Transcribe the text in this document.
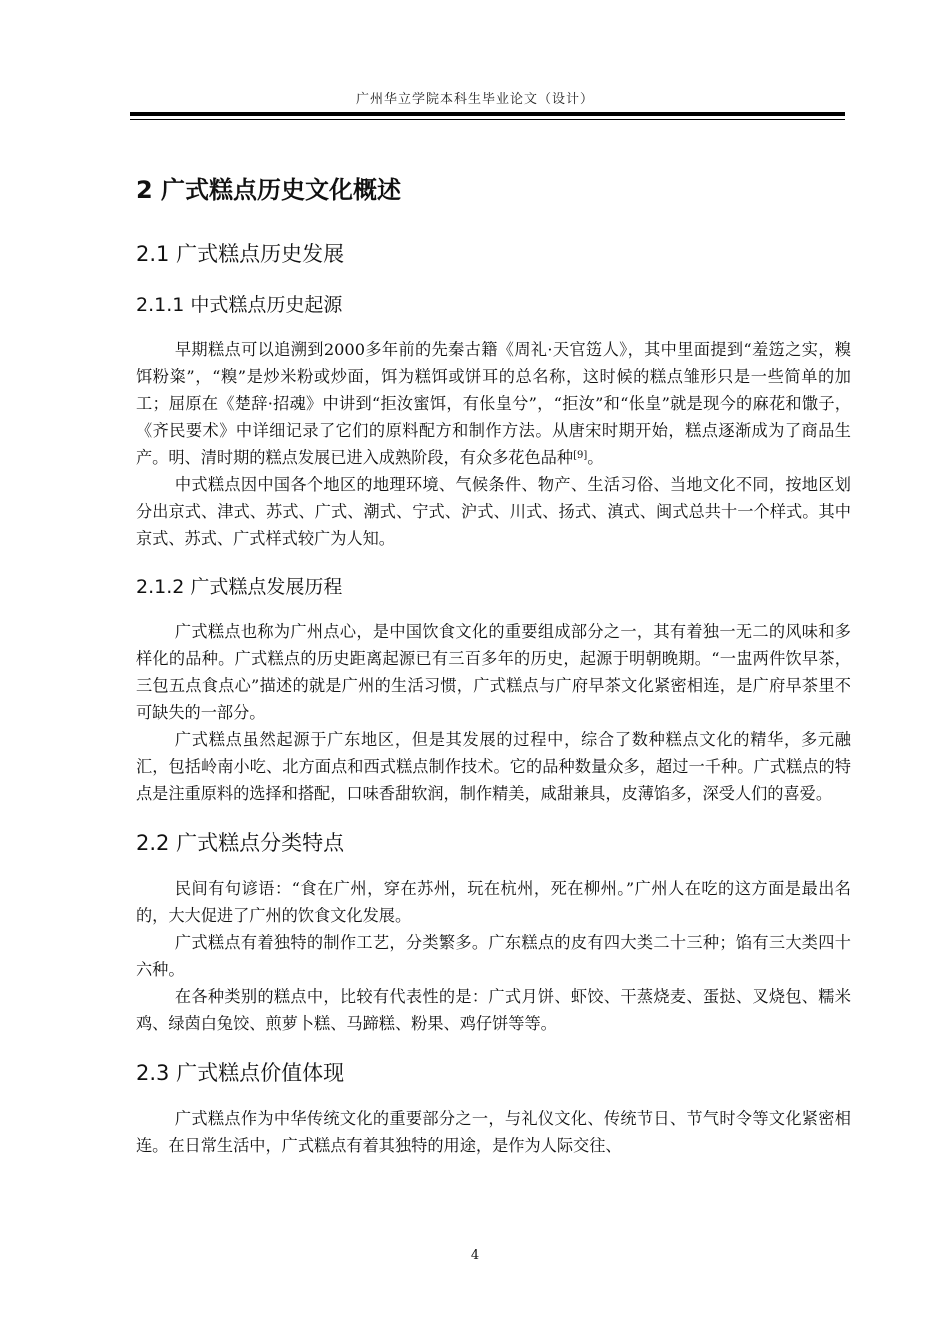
广州华立学院本科生毕业论文（设计）
2 广式糕点历史文化概述
2.1 广式糕点历史发展
2.1.1 中式糕点历史起源

早期糕点可以追溯到2000多年前的先秦古籍《周礼·天官笾人》，其中里面提到“羞笾之实，糗饵粉粢”，“糗”是炒米粉或炒面，饵为糕饵或饼耳的总名称，这时候的糕点雏形只是一些简单的加工；屈原在《楚辞·招魂》中讲到“拒汝蜜饵，有伥皇兮”，“拒汝”和“伥皇”就是现今的麻花和馓子，《齐民要术》中详细记录了它们的原料配方和制作方法。从唐宋时期开始，糕点逐渐成为了商品生产。明、清时期的糕点发展已进入成熟阶段，有众多花色品种[9]。

中式糕点因中国各个地区的地理环境、气候条件、物产、生活习俗、当地文化不同，按地区划分出京式、津式、苏式、广式、潮式、宁式、沪式、川式、扬式、滇式、闽式总共十一个样式。其中京式、苏式、广式样式较广为人知。

2.1.2 广式糕点发展历程

广式糕点也称为广州点心，是中国饮食文化的重要组成部分之一，其有着独一无二的风味和多样化的品种。广式糕点的历史距离起源已有三百多年的历史，起源于明朝晚期。“一盅两件饮早茶，三包五点食点心”描述的就是广州的生活习惯，广式糕点与广府早茶文化紧密相连，是广府早茶里不可缺失的一部分。

广式糕点虽然起源于广东地区，但是其发展的过程中，综合了数种糕点文化的精华，多元融汇，包括岭南小吃、北方面点和西式糕点制作技术。它的品种数量众多，超过一千种。广式糕点的特点是注重原料的选择和搭配，口味香甜软润，制作精美，咸甜兼具，皮薄馅多，深受人们的喜爱。

2.2 广式糕点分类特点

民间有句谚语：“食在广州，穿在苏州，玩在杭州，死在柳州。”广州人在吃的这方面是最出名的，大大促进了广州的饮食文化发展。

广式糕点有着独特的制作工艺，分类繁多。广东糕点的皮有四大类二十三种；馅有三大类四十六种。

在各种类别的糕点中，比较有代表性的是：广式月饼、虾饺、干蒸烧麦、蛋挞、叉烧包、糯米鸡、绿茵白兔饺、煎萝卜糕、马蹄糕、粉果、鸡仔饼等等。

2.3 广式糕点价值体现

广式糕点作为中华传统文化的重要部分之一，与礼仪文化、传统节日、节气时令等文化紧密相连。在日常生活中，广式糕点有着其独特的用途，是作为人际交往、

4
